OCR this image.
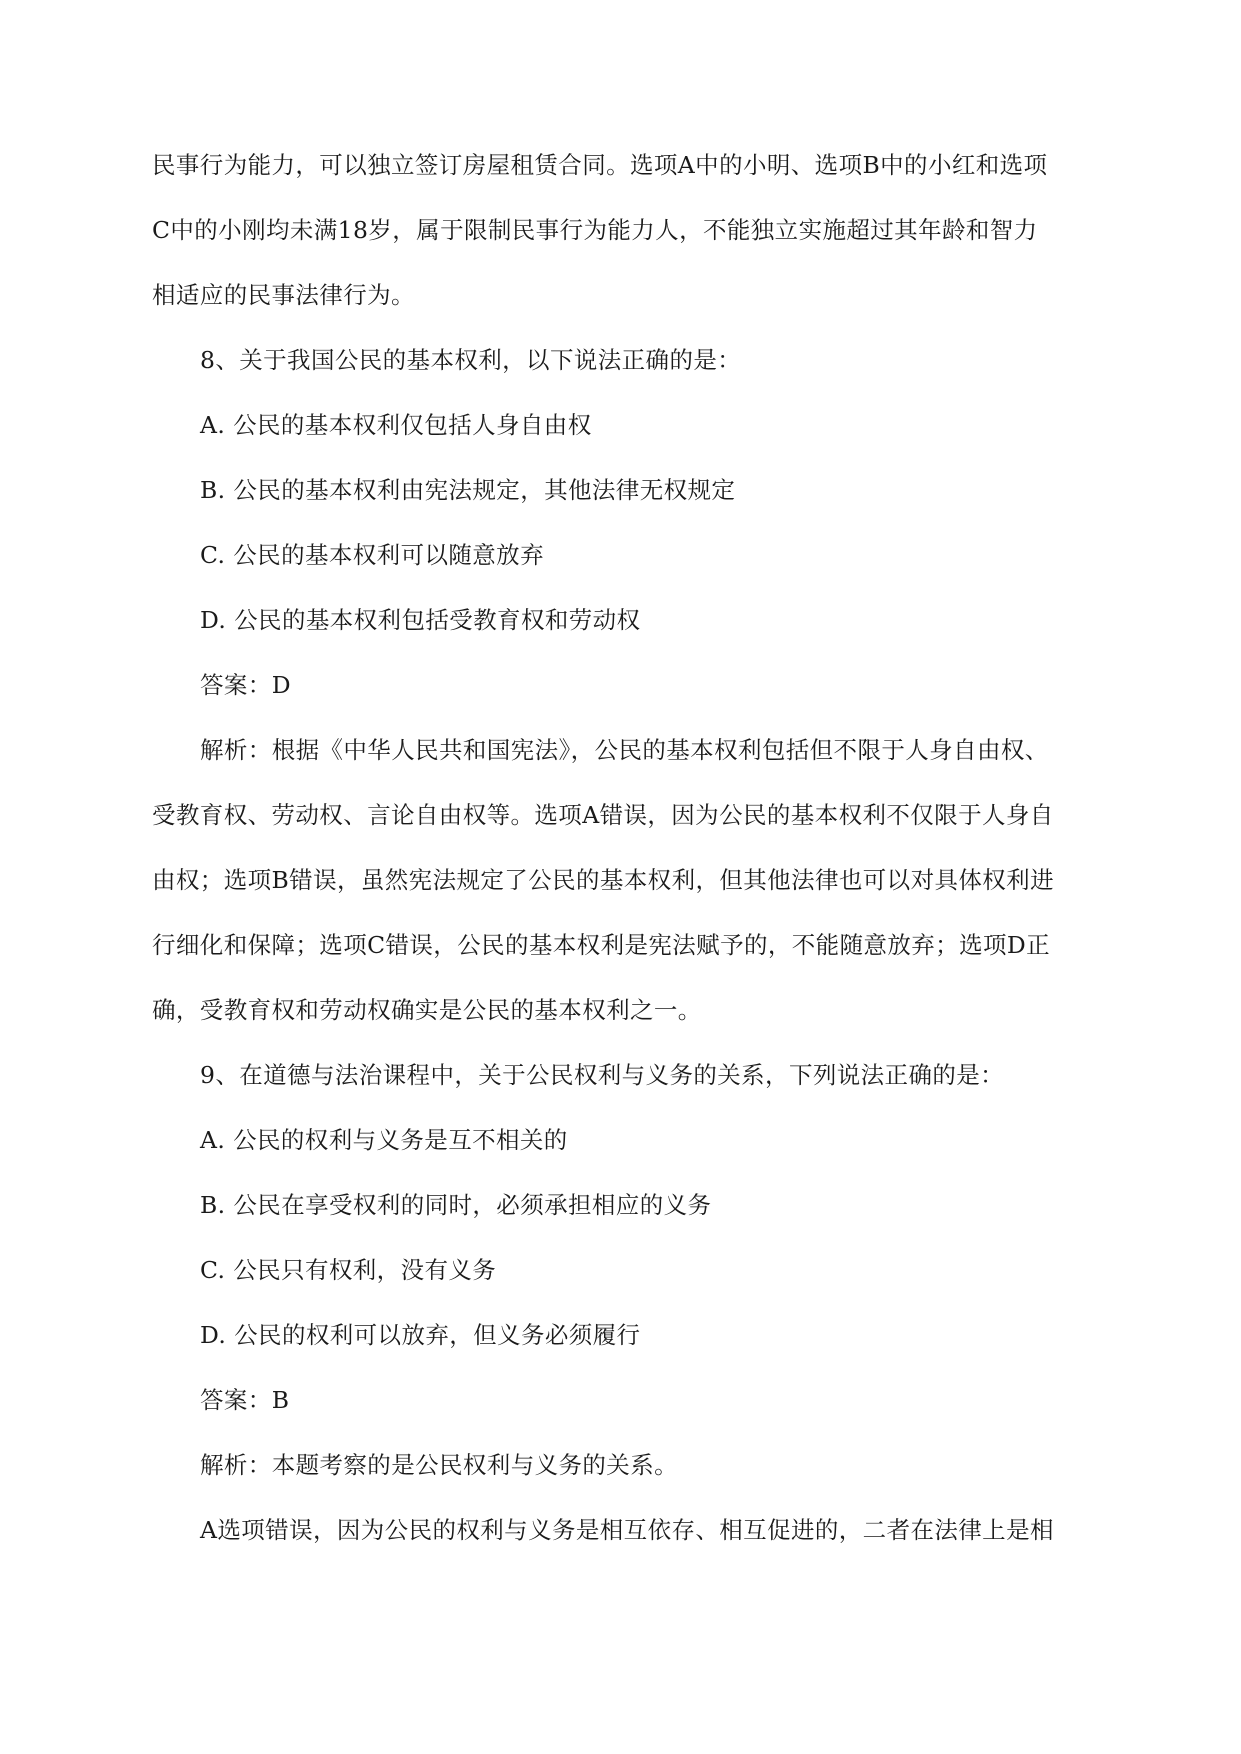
民事行为能力，可以独立签订房屋租赁合同。选项A中的小明、选项B中的小红和选项
C中的小刚均未满18岁，属于限制民事行为能力人，不能独立实施超过其年龄和智力
相适应的民事法律行为。
8、关于我国公民的基本权利，以下说法正确的是：
A. 公民的基本权利仅包括人身自由权
B. 公民的基本权利由宪法规定，其他法律无权规定
C. 公民的基本权利可以随意放弃
D. 公民的基本权利包括受教育权和劳动权
答案：D
解析：根据《中华人民共和国宪法》，公民的基本权利包括但不限于人身自由权、
受教育权、劳动权、言论自由权等。选项A错误，因为公民的基本权利不仅限于人身自
由权；选项B错误，虽然宪法规定了公民的基本权利，但其他法律也可以对具体权利进
行细化和保障；选项C错误，公民的基本权利是宪法赋予的，不能随意放弃；选项D正
确，受教育权和劳动权确实是公民的基本权利之一。
9、在道德与法治课程中，关于公民权利与义务的关系，下列说法正确的是：
A. 公民的权利与义务是互不相关的
B. 公民在享受权利的同时，必须承担相应的义务
C. 公民只有权利，没有义务
D. 公民的权利可以放弃，但义务必须履行
答案：B
解析：本题考察的是公民权利与义务的关系。
A选项错误，因为公民的权利与义务是相互依存、相互促进的，二者在法律上是相
